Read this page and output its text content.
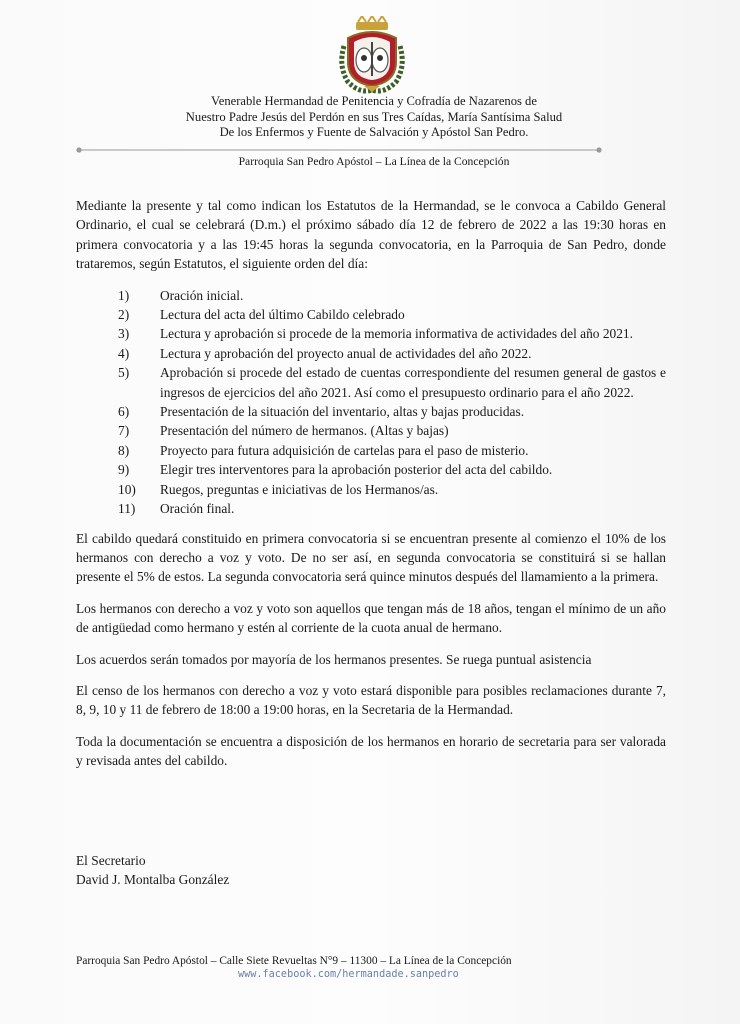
Venerable Hermandad de Penitencia y Cofradía de Nazarenos de
Nuestro Padre Jesús del Perdón en sus Tres Caídas, María Santísima Salud
De los Enfermos y Fuente de Salvación y Apóstol San Pedro.
Parroquia San Pedro Apóstol – La Línea de la Concepción

Mediante la presente y tal como indican los Estatutos de la Hermandad, se le convoca a Cabildo General Ordinario, el cual se celebrará (D.m.) el próximo sábado día 12 de febrero de 2022 a las 19:30 horas en primera convocatoria y a las 19:45 horas la segunda convocatoria, en la Parroquia de San Pedro, donde trataremos, según Estatutos, el siguiente orden del día:

1)	Oración inicial.
2)	Lectura del acta del último Cabildo celebrado
3)	Lectura y aprobación si procede de la memoria informativa de actividades del año 2021.
4)	Lectura y aprobación del proyecto anual de actividades del año 2022.
5)	Aprobación si procede del estado de cuentas correspondiente del resumen general de gastos e ingresos de ejercicios del año 2021. Así como el presupuesto ordinario para el año 2022.
6)	Presentación de la situación del inventario, altas y bajas producidas.
7)	Presentación del número de hermanos. (Altas y bajas)
8)	Proyecto para futura adquisición de cartelas para el paso de misterio.
9)	Elegir tres interventores para la aprobación posterior del acta del cabildo.
10)	Ruegos, preguntas e iniciativas de los Hermanos/as.
11)	Oración final.

El cabildo quedará constituido en primera convocatoria si se encuentran presente al comienzo el 10% de los hermanos con derecho a voz y voto. De no ser así, en segunda convocatoria se constituirá si se hallan presente el 5% de estos. La segunda convocatoria será quince minutos después del llamamiento a la primera.

Los hermanos con derecho a voz y voto son aquellos que tengan más de 18 años, tengan el mínimo de un año de antigüedad como hermano y estén al corriente de la cuota anual de hermano.

Los acuerdos serán tomados por mayoría de los hermanos presentes. Se ruega puntual asistencia

El censo de los hermanos con derecho a voz y voto estará disponible para posibles reclamaciones durante 7, 8, 9, 10 y 11 de febrero de 18:00 a 19:00 horas, en la Secretaria de la Hermandad.

Toda la documentación se encuentra a disposición de los hermanos en horario de secretaria para ser valorada y revisada antes del cabildo.

El Secretario
David J. Montalba González
Parroquia San Pedro Apóstol – Calle Siete Revueltas N°9 – 11300 – La Línea de la Concepción
www.facebook.com/hermandade.sanpedro
